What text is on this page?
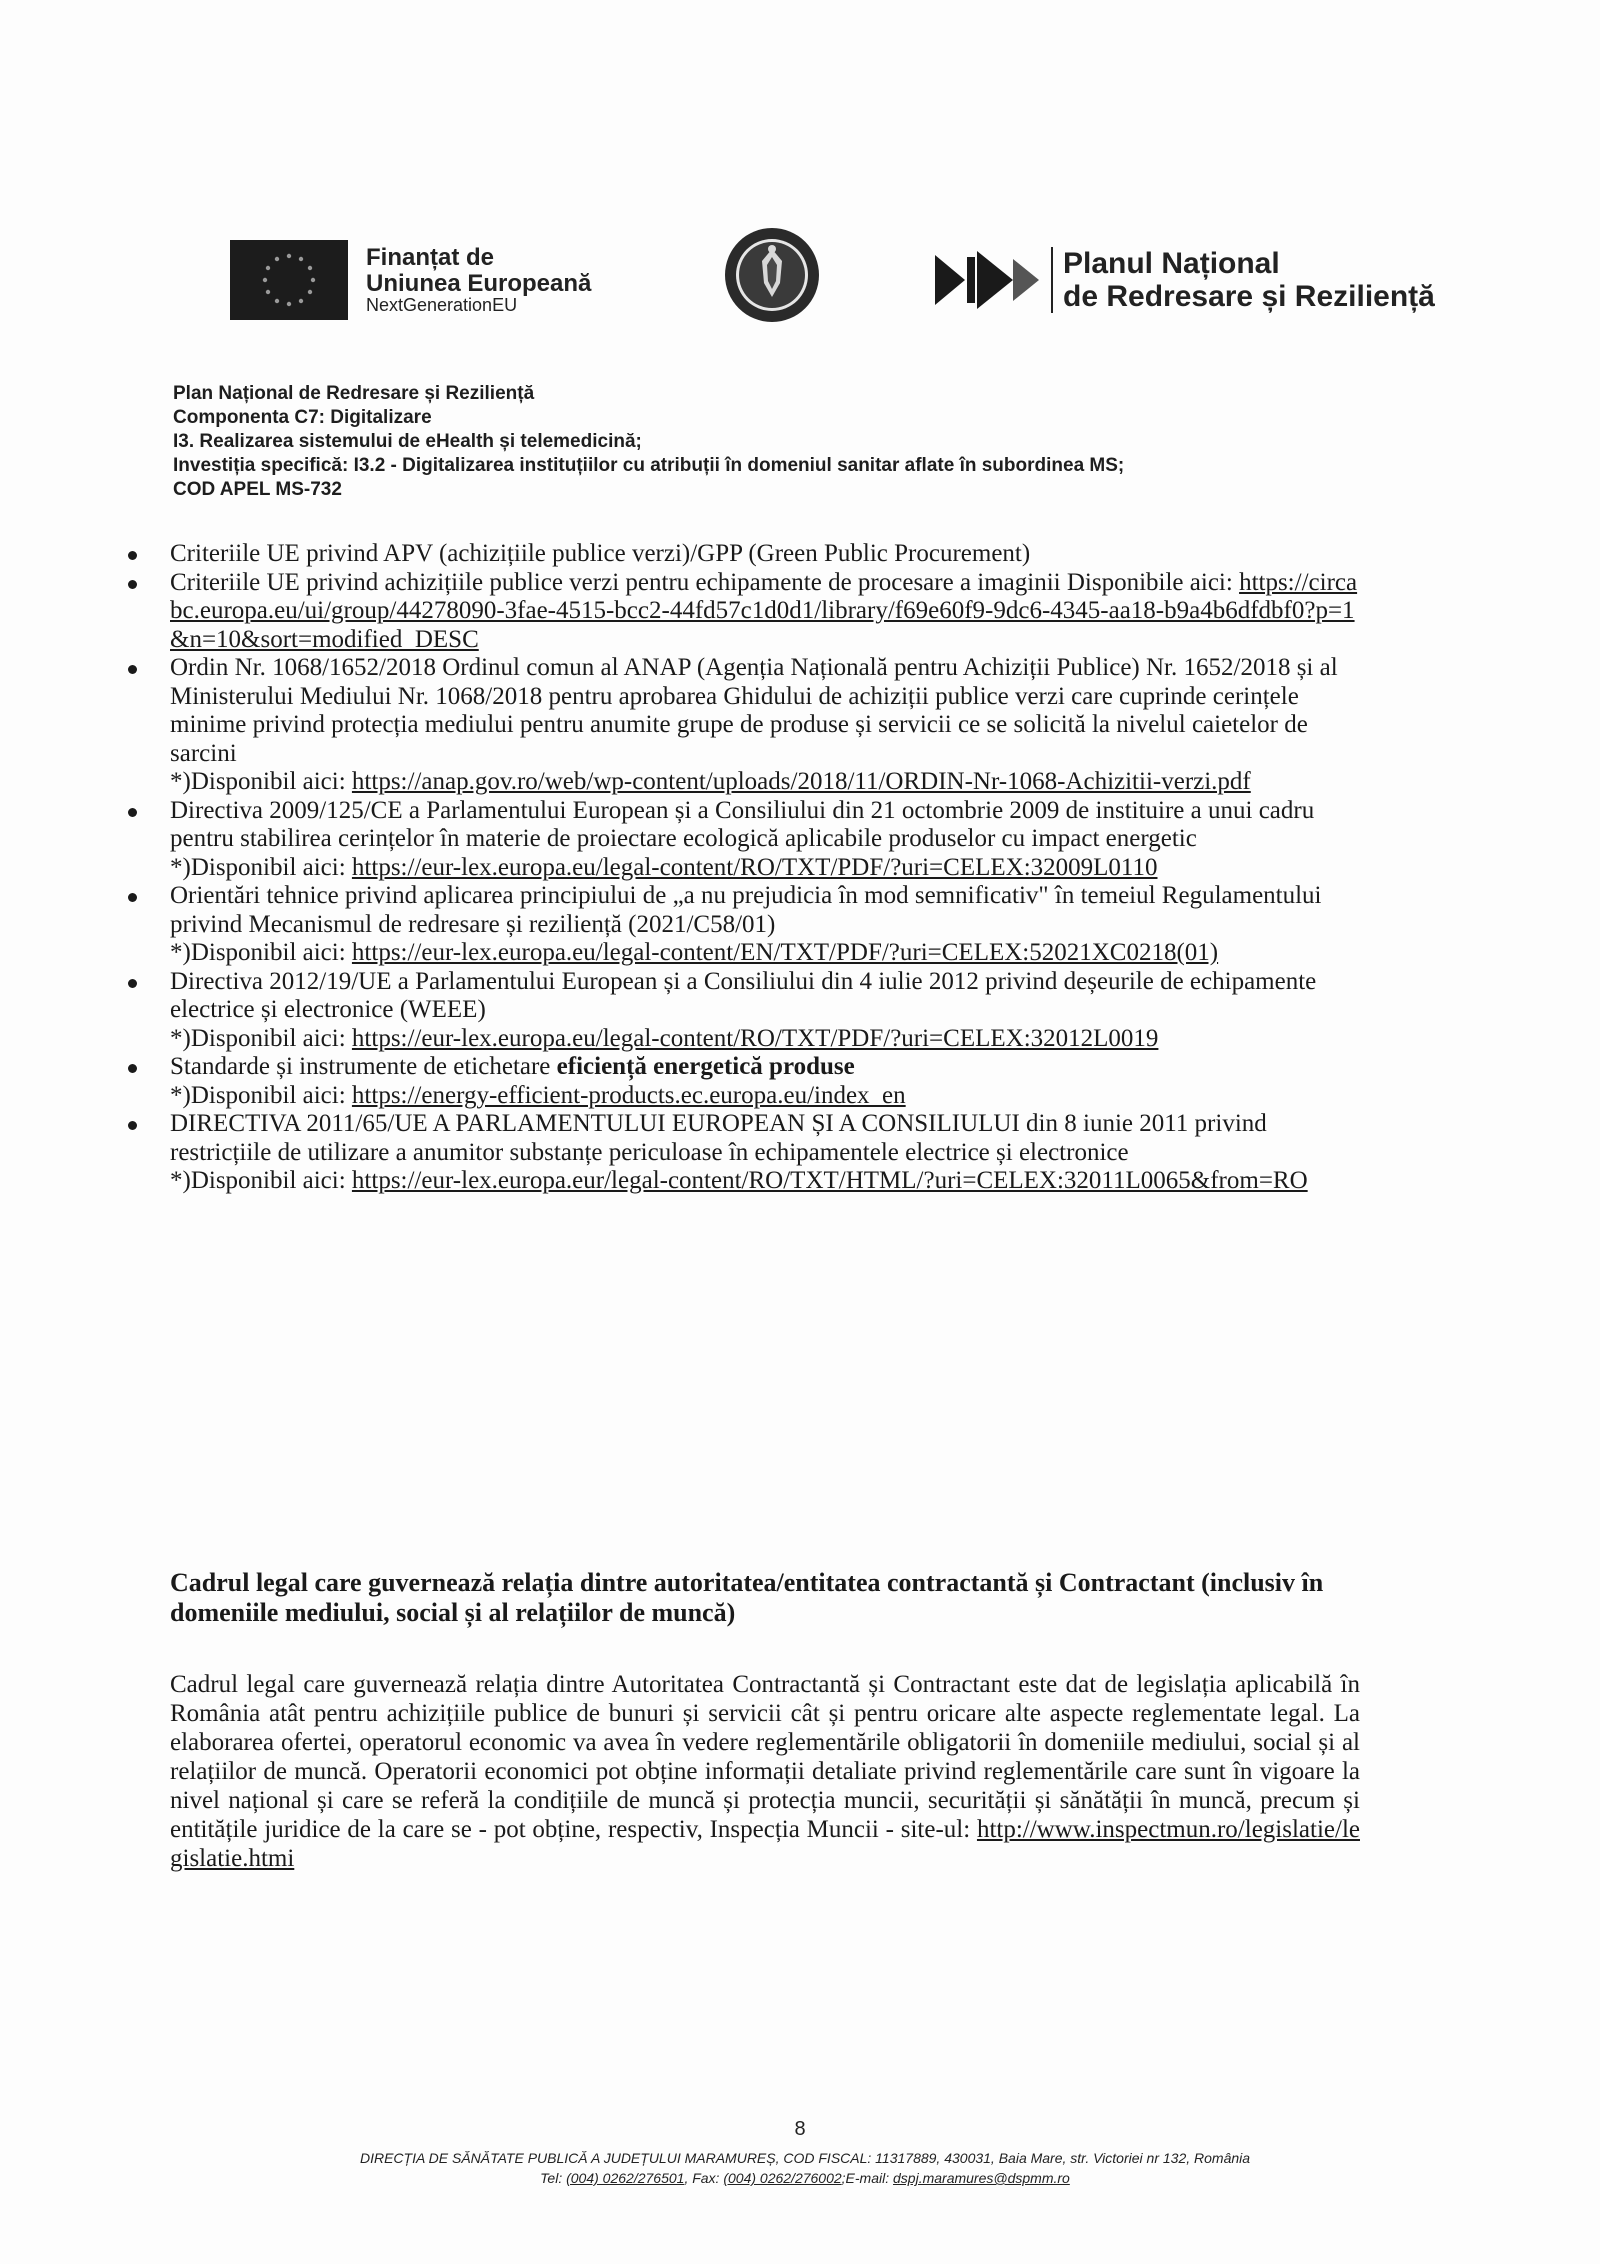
Finanțat de
Uniunea Europeană
NextGenerationEU
Planul Național
de Redresare și Reziliență
Plan Național de Redresare și Reziliență
Componenta C7: Digitalizare
I3. Realizarea sistemului de eHealth și telemedicină;
Investiția specifică: I3.2 - Digitalizarea instituțiilor cu atribuții în domeniul sanitar aflate în subordinea MS;
COD APEL MS-732
Criteriile UE privind APV (achizițiile publice verzi)/GPP (Green Public Procurement)
Criteriile UE privind achizițiile publice verzi pentru echipamente de procesare a imaginii Disponibile aici: https://circabc.europa.eu/ui/group/44278090-3fae-4515-bcc2-44fd57c1d0d1/library/f69e60f9-9dc6-4345-aa18-b9a4b6dfdbf0?p=1&n=10&sort=modified_DESC
Ordin Nr. 1068/1652/2018 Ordinul comun al ANAP (Agenția Națională pentru Achiziții Publice) Nr. 1652/2018 și al Ministerului Mediului Nr. 1068/2018 pentru aprobarea Ghidului de achiziții publice verzi care cuprinde cerințele minime privind protecția mediului pentru anumite grupe de produse și servicii ce se solicită la nivelul caietelor de sarcini
*)Disponibil aici: https://anap.gov.ro/web/wp-content/uploads/2018/11/ORDIN-Nr-1068-Achizitii-verzi.pdf
Directiva 2009/125/CE a Parlamentului European și a Consiliului din 21 octombrie 2009 de instituire a unui cadru pentru stabilirea cerințelor în materie de proiectare ecologică aplicabile produselor cu impact energetic
*)Disponibil aici: https://eur-lex.europa.eu/legal-content/RO/TXT/PDF/?uri=CELEX:32009L0110
Orientări tehnice privind aplicarea principiului de „a nu prejudicia în mod semnificativ" în temeiul Regulamentului privind Mecanismul de redresare și reziliență (2021/C58/01)
*)Disponibil aici: https://eur-lex.europa.eu/legal-content/EN/TXT/PDF/?uri=CELEX:52021XC0218(01)
Directiva 2012/19/UE a Parlamentului European și a Consiliului din 4 iulie 2012 privind deșeurile de echipamente electrice și electronice (WEEE)
*)Disponibil aici: https://eur-lex.europa.eu/legal-content/RO/TXT/PDF/?uri=CELEX:32012L0019
Standarde și instrumente de etichetare eficiență energetică produse
*)Disponibil aici: https://energy-efficient-products.ec.europa.eu/index_en
DIRECTIVA 2011/65/UE A PARLAMENTULUI EUROPEAN ȘI A CONSILIULUI din 8 iunie 2011 privind restricțiile de utilizare a anumitor substanțe periculoase în echipamentele electrice și electronice
*)Disponibil aici: https://eur-lex.europa.eur/legal-content/RO/TXT/HTML/?uri=CELEX:32011L0065&from=RO
Cadrul legal care guvernează relația dintre autoritatea/entitatea contractantă și Contractant (inclusiv în domeniile mediului, social și al relațiilor de muncă)
Cadrul legal care guvernează relația dintre Autoritatea Contractantă și Contractant este dat de legislația aplicabilă în România atât pentru achizițiile publice de bunuri și servicii cât și pentru oricare alte aspecte reglementate legal. La elaborarea ofertei, operatorul economic va avea în vedere reglementările obligatorii în domeniile mediului, social și al relațiilor de muncă. Operatorii economici pot obține informații detaliate privind reglementările care sunt în vigoare la nivel național și care se referă la condițiile de muncă și protecția muncii, securității și sănătății în muncă, precum și entitățile juridice de la care se - pot obține, respectiv, Inspecția Muncii - site-ul: http://www.inspectmun.ro/legislatie/legislatie.htmi
8
DIRECȚIA DE SĂNĂTATE PUBLICĂ A JUDEȚULUI MARAMUREȘ, COD FISCAL: 11317889, 430031, Baia Mare, str. Victoriei nr 132, România
Tel: (004) 0262/276501, Fax: (004) 0262/276002;E-mail: dspj.maramures@dspmm.ro
